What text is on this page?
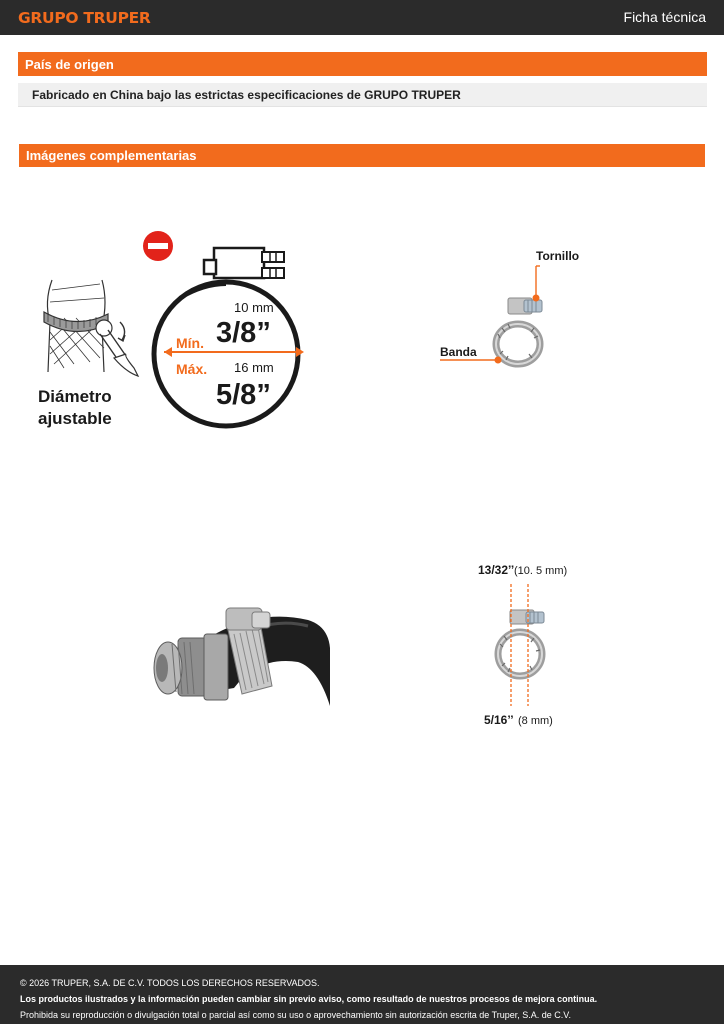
GRUPO TRUPER	Ficha técnica
País de origen
Fabricado en China bajo las estrictas especificaciones de GRUPO TRUPER
Imágenes complementarias
Diámetro
ajustable
Mín.
Máx.
10 mm
3/8”
16 mm
5/8”
Tornillo
Banda
13/32’’ (10. 5 mm)
5/16’’ (8 mm)
© 2026 TRUPER, S.A. DE C.V. TODOS LOS DERECHOS RESERVADOS.
Los productos ilustrados y la información pueden cambiar sin previo aviso, como resultado de nuestros procesos de mejora continua.
Prohibida su reproducción o divulgación total o parcial así como su uso o aprovechamiento sin autorización escrita de Truper, S.A. de C.V.
